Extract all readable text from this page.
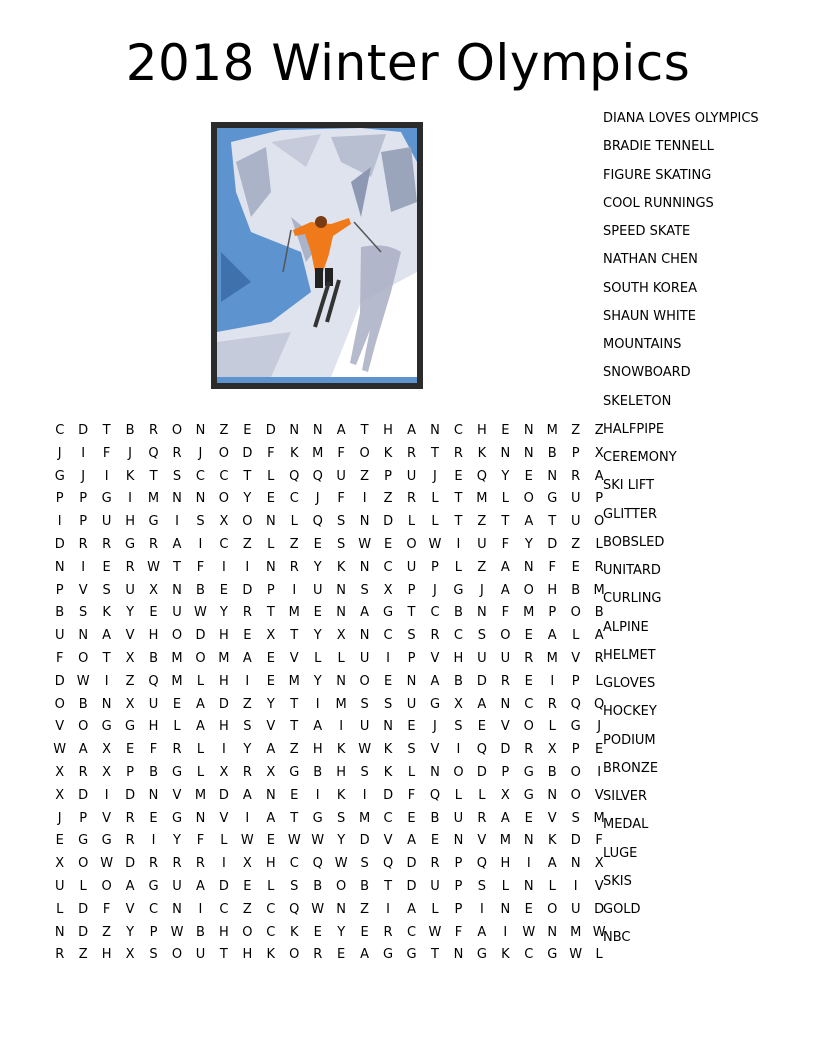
2018 Winter Olympics
DIANA LOVES OLYMPICS
BRADIE TENNELL
FIGURE SKATING
COOL RUNNINGS
SPEED SKATE
NATHAN CHEN
SOUTH KOREA
SHAUN WHITE
MOUNTAINS
SNOWBOARD
SKELETON
HALFPIPE
CEREMONY
SKI LIFT
GLITTER
BOBSLED
UNITARD
CURLING
ALPINE
HELMET
GLOVES
HOCKEY
PODIUM
BRONZE
SILVER
MEDAL
LUGE
SKIS
GOLD
NBC
C	D	T	B	R	O	N	Z	E	D	N	N	A	T	H	A	N	C	H	E	N M	Z	Z
J	I	F	J	Q	R	J	O	D	F	K	M	F	O	K	R	T	R	K	N	N	B	P	X
G	J	I	K	T	S	C	C	T	L	Q	Q	U	Z	P	U	J	E	Q	Y	E	N	R	A
P	P	G	I	M N	N	O	Y	E	C	J	F	I	Z	R	L	T	M	L	O	G	U	P
I	P	U	H	G	I	S	X	O	N	L	Q	S	N	D	L	L	T	Z	T	A	T	U	O
D	R	R	G	R	A	I	C	Z	L	Z	E	S W E	O W	I	U	F	Y	D	Z	L
N	I	E	R W	T	F	I	I	N	R	Y	K	N	C	U	P	L	Z	A	N	F	E	R
P	V	S	U	X	N	B	E	D	P	I	U	N	S	X	P	J	G	J	A	O	H	B	M
B	S	K	Y	E	U W	Y	R	T	M	E	N	A	G	T	C	B	N	F	M	P	O	B
U	N	A	V	H	O	D	H	E	X	T	Y	X	N	C	S	R	C	S	O	E	A	L	A
F	O	T	X	B	M O M	A	E	V	L	L	U	I	P	V	H	U	U	R	M	V	R
D W	I	Z	Q M	L	H	I	E	M	Y	N	O	E	N	A	B	D	R	E	I	P	L
O	B	N	X	U	E	A	D	Z	Y	T	I	M	S	S	U	G	X	A	N	C	R	Q	Q
V	O	G	G	H	L	A	H	S	V	T	A	I	U	N	E	J	S	E	V	O	L	G	J
W A	X	E	F	R	L	I	Y	A	Z	H	K W K	S	V	I	Q	D	R	X	P	E
X	R	X	P	B	G	L	X	R	X	G	B	H	S	K	L	N	O	D	P	G	B	O	I
X	D	I	D	N	V	M D	A	N	E	I	K	I	D	F	Q	L	L	X	G	N	O	V
J	P	V	R	E	G	N	V	I	A	T	G	S	M	C	E	B	U	R	A	E	V	S	M
E	G	G	R	I	Y	F	L	W E W W	Y	D	V	A	E	N	V	M N	K	D	F
X	O W D	R	R	R	I	X	H	C	Q W S	Q	D	R	P	Q	H	I	A	N	X
U	L	O	A	G	U	A	D	E	L	S	B	O	B	T	D	U	P	S	L	N	L	I	V
L	D	F	V	C	N	I	C	Z	C	Q W N	Z	I	A	L	P	I	N	E	O	U	D
N	D	Z	Y	P	W B	H	O	C	K	E	Y	E	R	C W	F	A	I	W N M W
R	Z	H	X	S	O	U	T	H	K	O	R	E	A	G	G	T	N	G	K	C	G W	L
